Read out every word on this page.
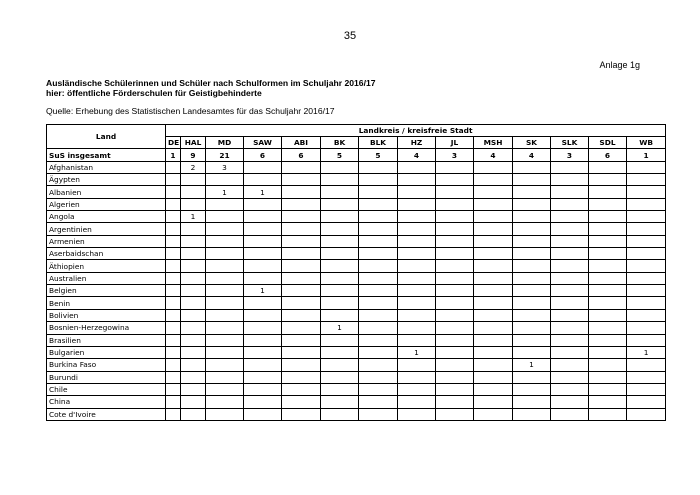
35
Anlage 1g
Ausländische Schülerinnen und Schüler nach Schulformen im Schuljahr 2016/17
hier: öffentliche Förderschulen für Geistigbehinderte
Quelle: Erhebung des Statistischen Landesamtes für das Schuljahr 2016/17
Land	Landkreis / kreisfreie Stadt													
	DE	HAL	MD	SAW	ABI	BK	BLK	HZ	JL	MSH	SK	SLK	SDL	WB
SuS insgesamt	1	9	21	6	6	5	5	4	3	4	4	3	6	1
Afghanistan		2	3											
Ägypten														
Albanien			1	1										
Algerien														
Angola		1												
Argentinien														
Armenien														
Aserbaidschan														
Äthiopien														
Australien														
Belgien				1										
Benin														
Bolivien														
Bosnien-Herzegowina						1								
Brasilien														
Bulgarien								1						1
Burkina Faso											1			
Burundi														
Chile														
China														
Cote d'Ivoire														
